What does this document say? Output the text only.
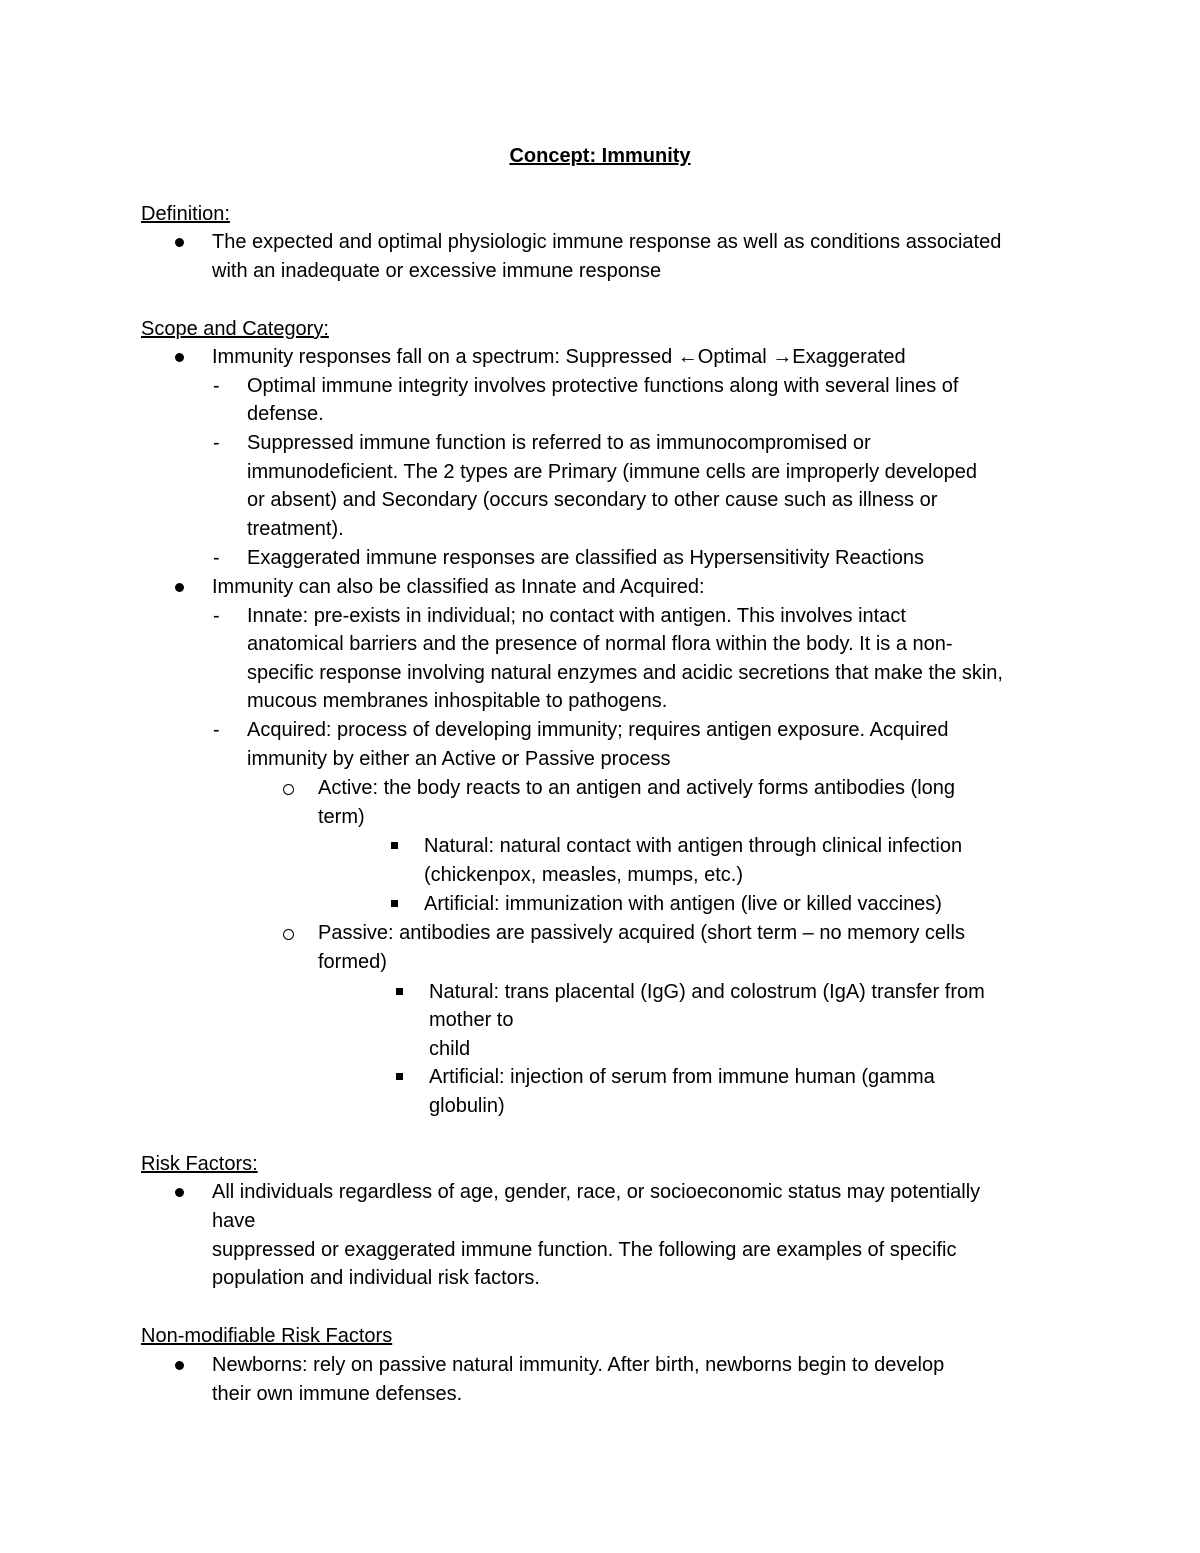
Concept: Immunity
Definition:
The expected and optimal physiologic immune response as well as conditions associated
with an inadequate or excessive immune response
Scope and Category:
Immunity responses fall on a spectrum: Suppressed ←Optimal →Exaggerated
- Optimal immune integrity involves protective functions along with several lines of
defense.
- Suppressed immune function is referred to as immunocompromised or
immunodeficient. The 2 types are Primary (immune cells are improperly developed
or absent) and Secondary (occurs secondary to other cause such as illness or
treatment).
- Exaggerated immune responses are classified as Hypersensitivity Reactions
Immunity can also be classified as Innate and Acquired:
- Innate: pre-exists in individual; no contact with antigen. This involves intact
anatomical barriers and the presence of normal flora within the body. It is a non-
specific response involving natural enzymes and acidic secretions that make the skin,
mucous membranes inhospitable to pathogens.
- Acquired: process of developing immunity; requires antigen exposure. Acquired
immunity by either an Active or Passive process
Active: the body reacts to an antigen and actively forms antibodies (long
term)
Natural: natural contact with antigen through clinical infection
(chickenpox, measles, mumps, etc.)
Artificial: immunization with antigen (live or killed vaccines)
Passive: antibodies are passively acquired (short term – no memory cells
formed)
Natural: trans placental (IgG) and colostrum (IgA) transfer from
mother to
child
Artificial: injection of serum from immune human (gamma
globulin)
Risk Factors:
All individuals regardless of age, gender, race, or socioeconomic status may potentially
have
suppressed or exaggerated immune function. The following are examples of specific
population and individual risk factors.
Non-modifiable Risk Factors
Newborns: rely on passive natural immunity. After birth, newborns begin to develop
their own immune defenses.
